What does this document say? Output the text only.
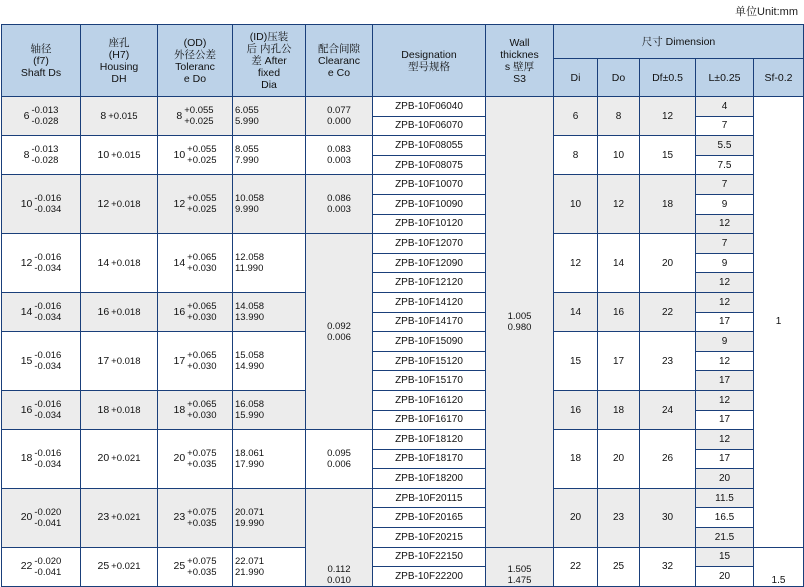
单位Unit:mm
轴径
(f7)
Shaft Ds	座孔
(H7)
Housing
DH	(OD)
外径公差
Toleranc
e Do	(ID)压装
后 内孔公
差 After
fixed
Dia	配合间隙
Clearanc
e Co	Designation
型号规格	Wall
thicknes
s 壁厚
S3	尺寸 Dimension				
							Di	Do	Df±0.5	L±0.25	Sf-0.2

6 -0.013
-0.028	8 +0.015	8 +0.055
+0.025	6.055
5.990	0.077
0.000	ZPB-10F06040	1.005
0.980	6	8	12	4	1
					ZPB-10F06070					7	

8 -0.013
-0.028	10 +0.015	10 +0.055
+0.025	8.055
7.990	0.083
0.003	ZPB-10F08055		8	10	15	5.5	
					ZPB-10F08075					7.5	

10 -0.016
-0.034	12 +0.018	12 +0.055
+0.025	10.058
9.990	0.086
0.003	ZPB-10F10070		10	12	18	7	
					ZPB-10F10090					9	
					ZPB-10F10120					12	

12 -0.016
-0.034	14 +0.018	14 +0.065
+0.030	12.058
11.990	0.092
0.006	ZPB-10F12070		12	14	20	7	
					ZPB-10F12090					9	
					ZPB-10F12120					12	

14 -0.016
-0.034	16 +0.018	16 +0.065
+0.030	14.058
13.990		ZPB-10F14120		14	16	22	12	
					ZPB-10F14170					17	

15 -0.016
-0.034	17 +0.018	17 +0.065
+0.030	15.058
14.990		ZPB-10F15090		15	17	23	9	
					ZPB-10F15120					12	
					ZPB-10F15170					17	

16 -0.016
-0.034	18 +0.018	18 +0.065
+0.030	16.058
15.990		ZPB-10F16120		16	18	24	12	
					ZPB-10F16170					17	

18 -0.016
-0.034	20 +0.021	20 +0.075
+0.035	18.061
17.990	0.095
0.006	ZPB-10F18120		18	20	26	12	
					ZPB-10F18170					17	
					ZPB-10F18200					20	

20 -0.020
-0.041	23 +0.021	23 +0.075
+0.035	20.071
19.990	0.112
0.010	ZPB-10F20115		20	23	30	11.5	
					ZPB-10F20165					16.5	
					ZPB-10F20215					21.5	

22 -0.020
-0.041	25 +0.021	25 +0.075
+0.035	22.071
21.990		ZPB-10F22150	1.505
1.475	22	25	32	15	1.5
					ZPB-10F22200					20	
